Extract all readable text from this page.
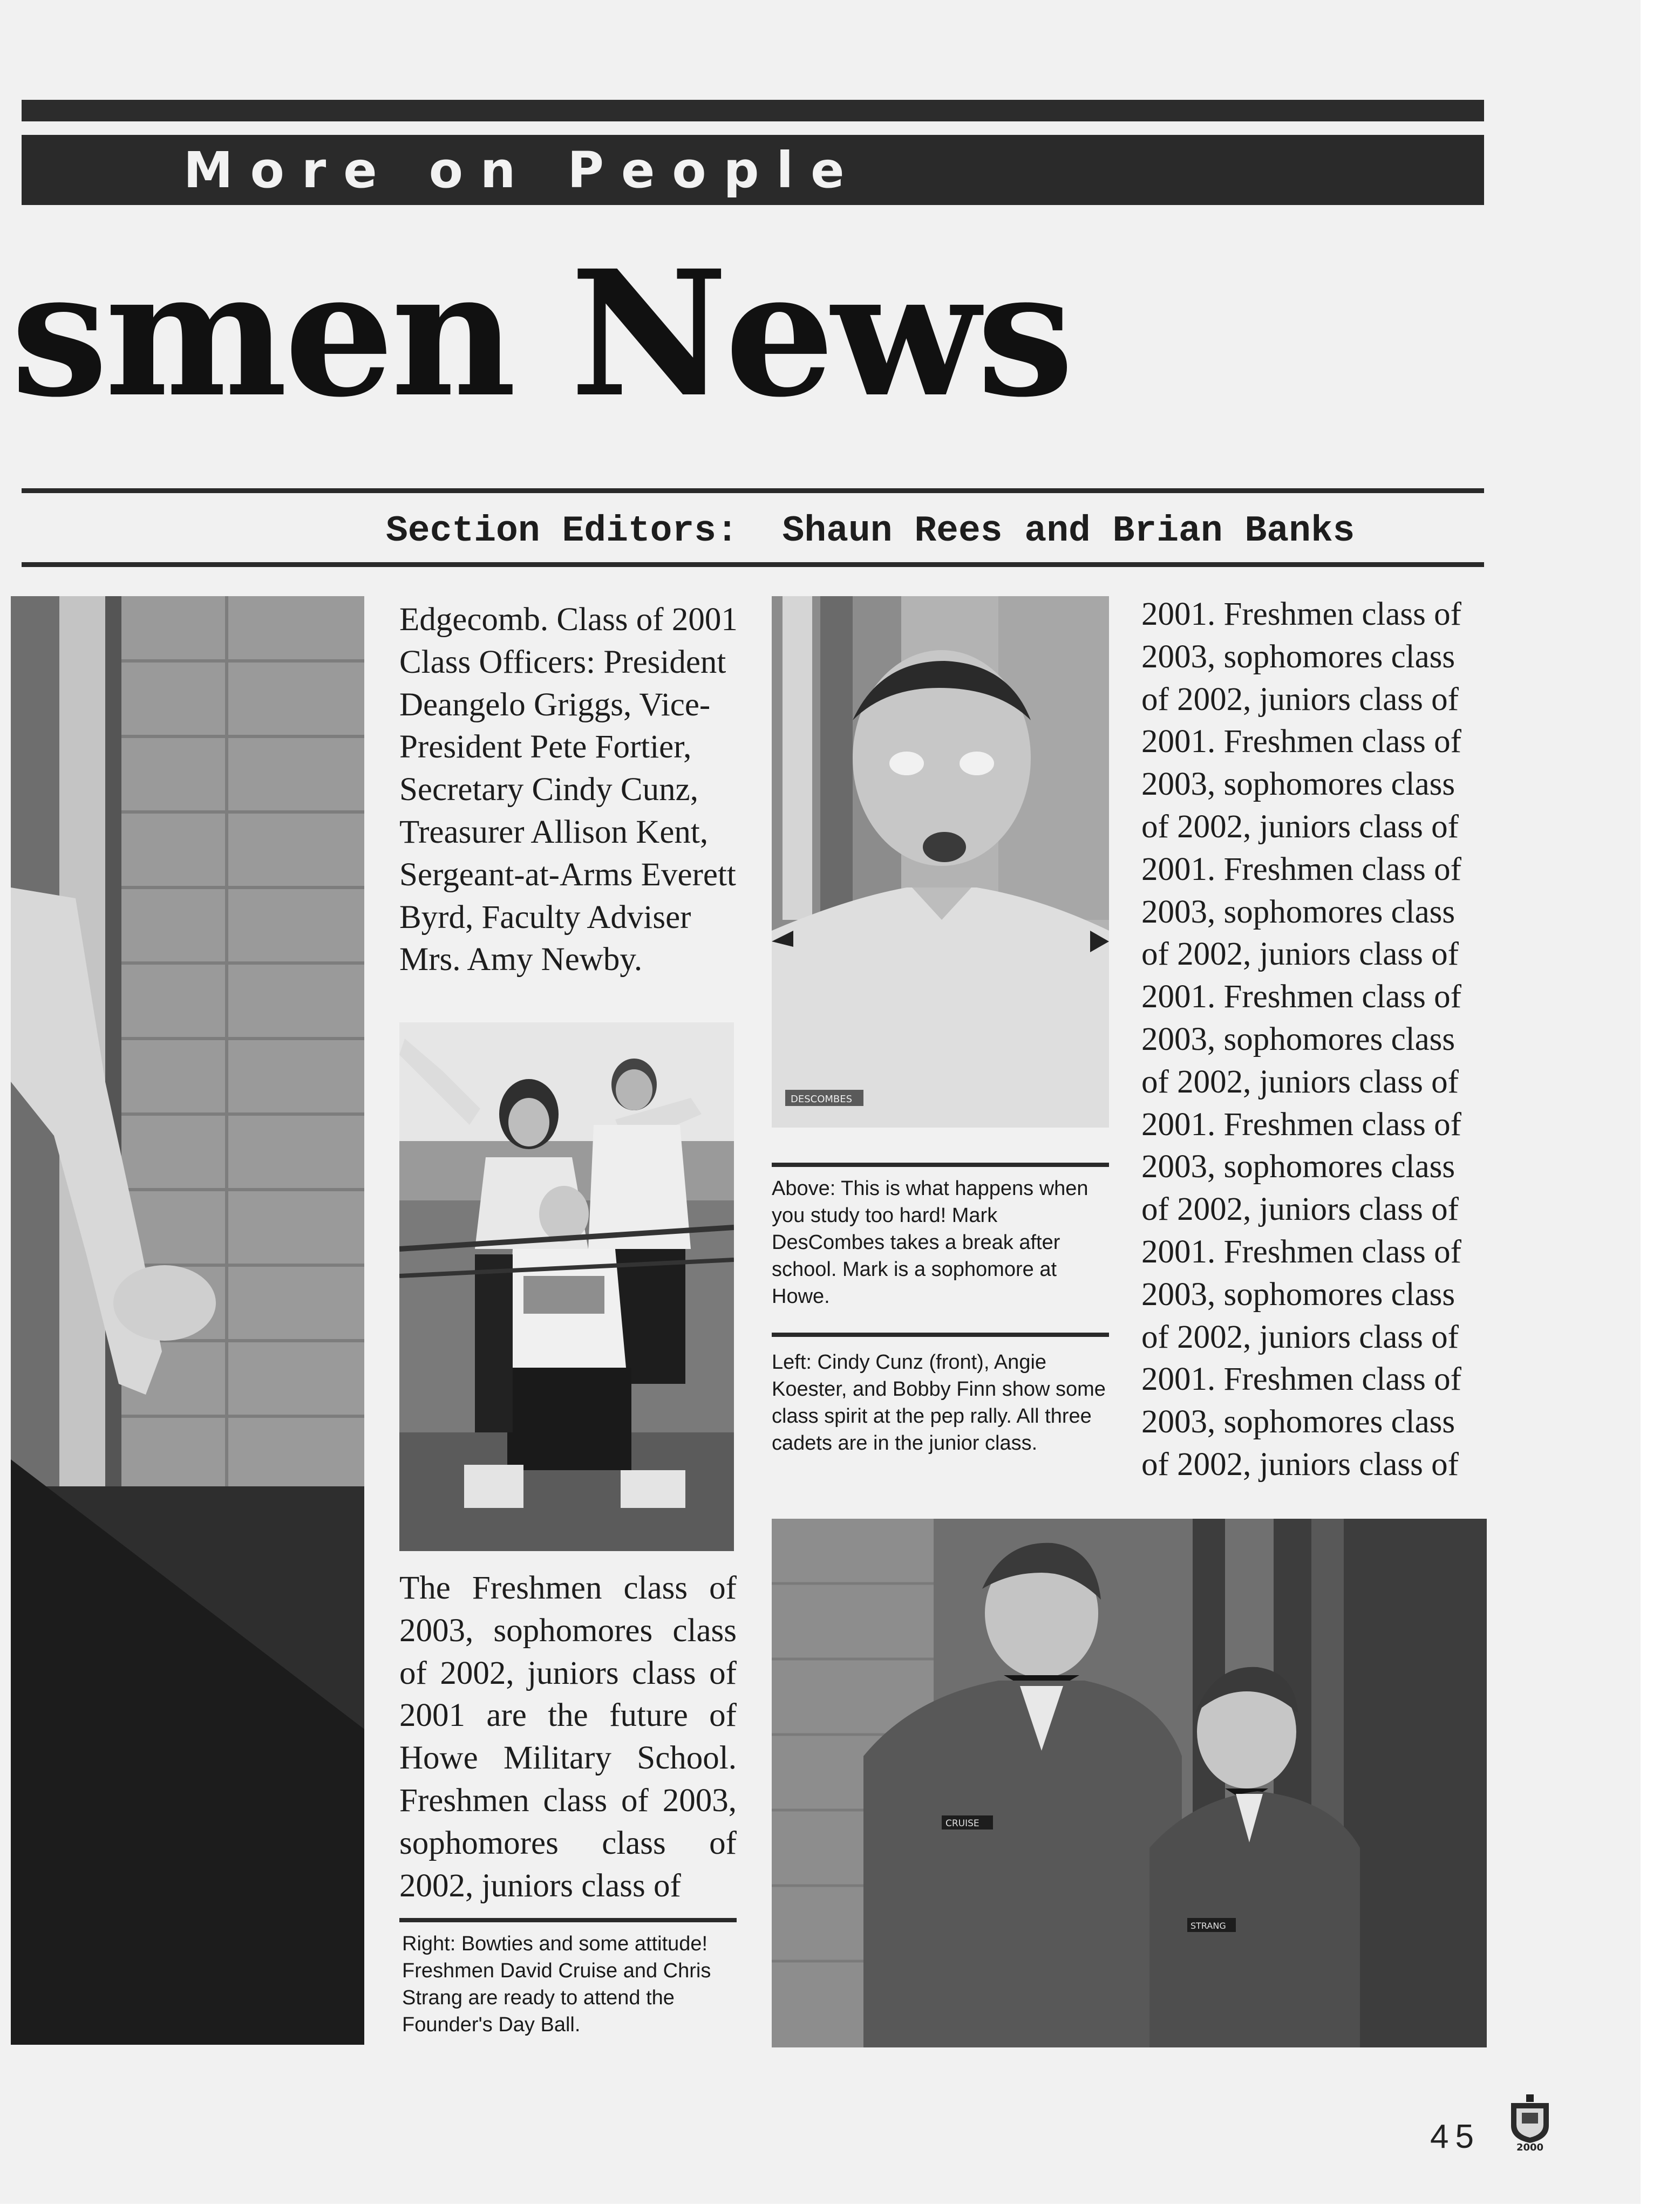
M o r e   o n   P e o p l e
smen News
Section Editors:  Shaun Rees and Brian Banks

Edgecomb. Class of 2001 Class Officers: President Deangelo Griggs, Vice-President Pete Fortier, Secretary Cindy Cunz, Treasurer Allison Kent, Sergeant-at-Arms Everett Byrd, Faculty Adviser Mrs. Amy Newby.

The Freshmen class of 2003, sophomores class of 2002, juniors class of 2001 are the future of Howe Military School. Freshmen class of 2003, sophomores class of 2002, juniors class of

Right: Bowties and some attitude! Freshmen David Cruise and Chris Strang are ready to attend the Founder's Day Ball.
DESCOMBES
Above: This is what happens when you study too hard! Mark DesCombes takes a break after school. Mark is a sophomore at Howe.
Left: Cindy Cunz (front), Angie Koester, and Bobby Finn show some class spirit at the pep rally. All three cadets are in the junior class.

2001. Freshmen class of 2003, sophomores class of 2002, juniors class of 2001. Freshmen class of 2003, sophomores class of 2002, juniors class of 2001. Freshmen class of 2003, sophomores class of 2002, juniors class of 2001. Freshmen class of 2003, sophomores class of 2002, juniors class of 2001. Freshmen class of 2003, sophomores class of 2002, juniors class of 2001. Freshmen class of 2003, sophomores class of 2002, juniors class of 2001. Freshmen class of 2003, sophomores class of 2002, juniors class of

CRUISE
STRANG
45	2000
